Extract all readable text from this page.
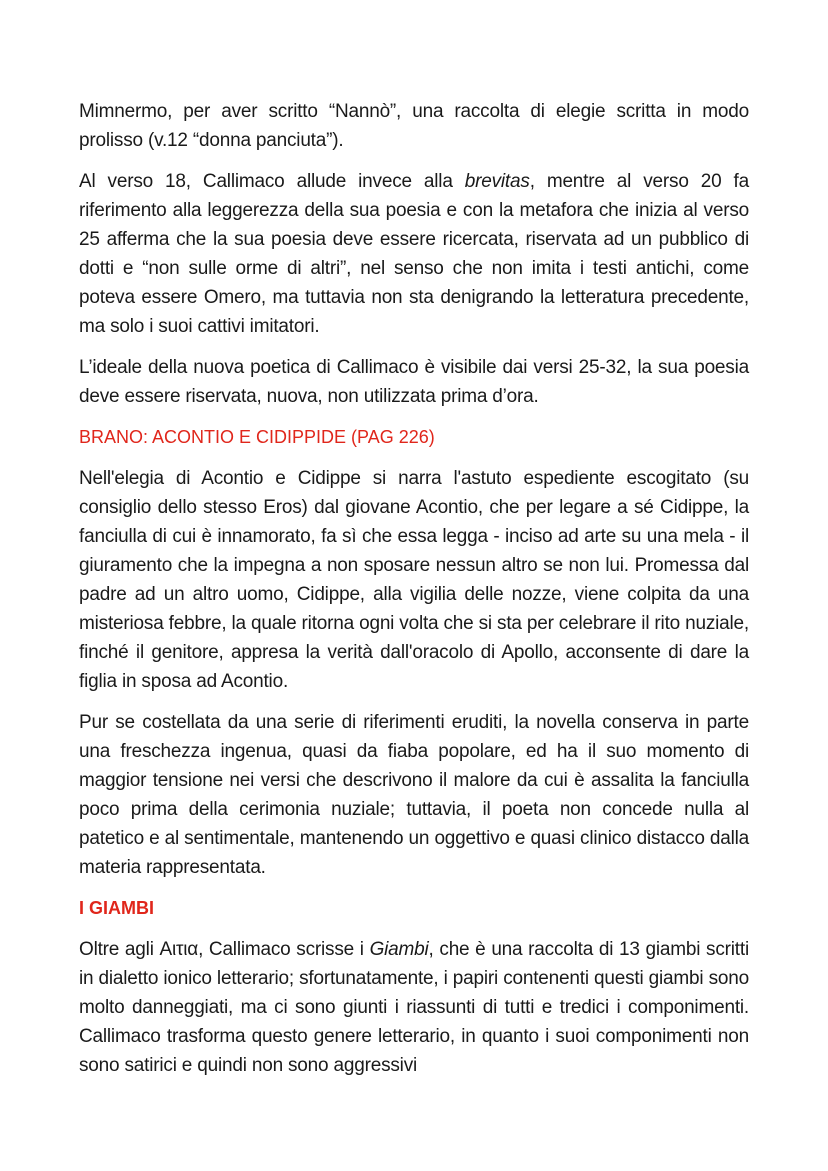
Mimnermo, per aver scritto “Nannò”, una raccolta di elegie scritta in modo prolisso (v.12 “donna panciuta”).

Al verso 18, Callimaco allude invece alla brevitas, mentre al verso 20 fa riferimento alla leggerezza della sua poesia e con la metafora che inizia al verso 25 afferma che la sua poesia deve essere ricercata, riservata ad un pubblico di dotti e “non sulle orme di altri”, nel senso che non imita i testi antichi, come poteva essere Omero, ma tuttavia non sta denigrando la letteratura precedente, ma solo i suoi cattivi imitatori.

L’ideale della nuova poetica di Callimaco è visibile dai versi 25-32, la sua poesia deve essere riservata, nuova, non utilizzata prima d’ora.

BRANO: ACONTIO E CIDIPPIDE (PAG 226)

Nell'elegia di Acontio e Cidippe si narra l'astuto espediente escogitato (su consiglio dello stesso Eros) dal giovane Acontio, che per legare a sé Cidippe, la fanciulla di cui è innamorato, fa sì che essa legga - inciso ad arte su una mela - il giuramento che la impegna a non sposare nessun altro se non lui. Promessa dal padre ad un altro uomo, Cidippe, alla vigilia delle nozze, viene colpita da una misteriosa febbre, la quale ritorna ogni volta che si sta per celebrare il rito nuziale, finché il genitore, appresa la verità dall'oracolo di Apollo, acconsente di dare la figlia in sposa ad Acontio.

Pur se costellata da una serie di riferimenti eruditi, la novella conserva in parte una freschezza ingenua, quasi da fiaba popolare, ed ha il suo momento di maggior tensione nei versi che descrivono il malore da cui è assalita la fanciulla poco prima della cerimonia nuziale; tuttavia, il poeta non concede nulla al patetico e al sentimentale, mantenendo un oggettivo e quasi clinico distacco dalla materia rappresentata.

I GIAMBI

Oltre agli Αιτια, Callimaco scrisse i Giambi, che è una raccolta di 13 giambi scritti in dialetto ionico letterario; sfortunatamente, i papiri contenenti questi giambi sono molto danneggiati, ma ci sono giunti i riassunti di tutti e tredici i componimenti. Callimaco trasforma questo genere letterario, in quanto i suoi componimenti non sono satirici e quindi non sono aggressivi
